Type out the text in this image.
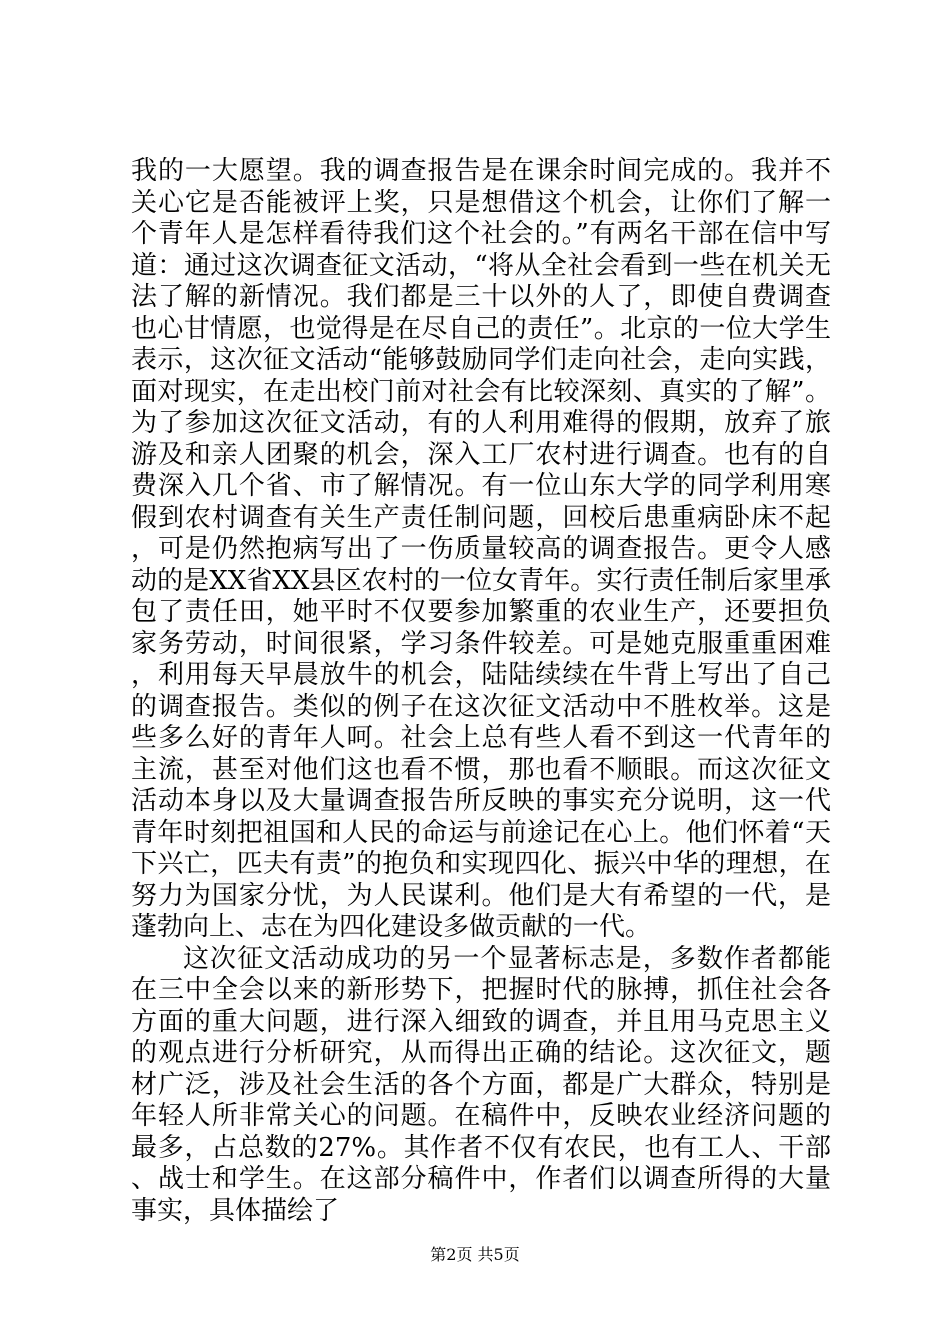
我的一大愿望。我的调查报告是在课余时间完成的。我并不关心它是否能被评上奖，只是想借这个机会，让你们了解一个青年人是怎样看待我们这个社会的。”有两名干部在信中写道：通过这次调查征文活动，“将从全社会看到一些在机关无法了解的新情况。我们都是三十以外的人了，即使自费调查也心甘情愿，也觉得是在尽自己的责任”。北京的一位大学生表示，这次征文活动“能够鼓励同学们走向社会，走向实践，面对现实，在走出校门前对社会有比较深刻、真实的了解”。为了参加这次征文活动，有的人利用难得的假期，放弃了旅游及和亲人团聚的机会，深入工厂农村进行调查。也有的自费深入几个省、市了解情况。有一位山东大学的同学利用寒假到农村调查有关生产责任制问题，回校后患重病卧床不起，可是仍然抱病写出了一伤质量较高的调查报告。更令人感动的是XX省XX县区农村的一位女青年。实行责任制后家里承包了责任田，她平时不仅要参加繁重的农业生产，还要担负家务劳动，时间很紧，学习条件较差。可是她克服重重困难，利用每天早晨放牛的机会，陆陆续续在牛背上写出了自己的调查报告。类似的例子在这次征文活动中不胜枚举。这是些多么好的青年人呵。社会上总有些人看不到这一代青年的主流，甚至对他们这也看不惯，那也看不顺眼。而这次征文活动本身以及大量调查报告所反映的事实充分说明，这一代青年时刻把祖国和人民的命运与前途记在心上。他们怀着“天下兴亡，匹夫有责”的抱负和实现四化、振兴中华的理想，在努力为国家分忧，为人民谋利。他们是大有希望的一代，是蓬勃向上、志在为四化建设多做贡献的一代。

这次征文活动成功的另一个显著标志是，多数作者都能在三中全会以来的新形势下，把握时代的脉搏，抓住社会各方面的重大问题，进行深入细致的调查，并且用马克思主义的观点进行分析研究，从而得出正确的结论。这次征文，题材广泛，涉及社会生活的各个方面，都是广大群众，特别是年轻人所非常关心的问题。在稿件中，反映农业经济问题的最多，占总数的27%。其作者不仅有农民，也有工人、干部、战士和学生。在这部分稿件中，作者们以调查所得的大量事实，具体描绘了

第2页 共5页
